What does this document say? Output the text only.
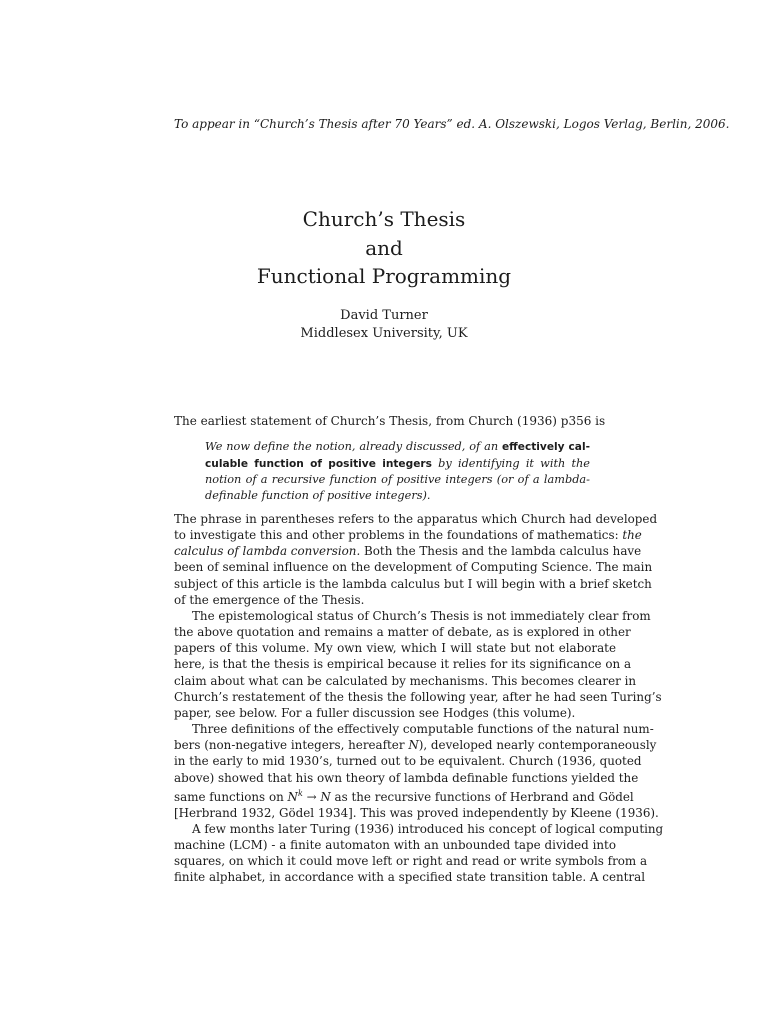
To appear in “Church’s Thesis after 70 Years” ed. A. Olszewski, Logos Verlag, Berlin, 2006.
Church’s Thesis
and
Functional Programming
David Turner
Middlesex University, UK
The earliest statement of Church’s Thesis, from Church (1936) p356 is
We now define the notion, already discussed, of an effectively cal-
culable function of positive integers by identifying it with the
notion of a recursive function of positive integers (or of a lambda-
definable function of positive integers).
The phrase in parentheses refers to the apparatus which Church had developed
to investigate this and other problems in the foundations of mathematics: the
calculus of lambda conversion. Both the Thesis and the lambda calculus have
been of seminal influence on the development of Computing Science. The main
subject of this article is the lambda calculus but I will begin with a brief sketch
of the emergence of the Thesis.
The epistemological status of Church’s Thesis is not immediately clear from
the above quotation and remains a matter of debate, as is explored in other
papers of this volume. My own view, which I will state but not elaborate
here, is that the thesis is empirical because it relies for its significance on a
claim about what can be calculated by mechanisms. This becomes clearer in
Church’s restatement of the thesis the following year, after he had seen Turing’s
paper, see below. For a fuller discussion see Hodges (this volume).
Three definitions of the effectively computable functions of the natural num-
bers (non-negative integers, hereafter N), developed nearly contemporaneously
in the early to mid 1930’s, turned out to be equivalent. Church (1936, quoted
above) showed that his own theory of lambda definable functions yielded the
same functions on $N^k \to N$ as the recursive functions of Herbrand and Gödel
[Herbrand 1932, Gödel 1934]. This was proved independently by Kleene (1936).
A few months later Turing (1936) introduced his concept of logical computing
machine (LCM) - a finite automaton with an unbounded tape divided into
squares, on which it could move left or right and read or write symbols from a
finite alphabet, in accordance with a specified state transition table. A central
